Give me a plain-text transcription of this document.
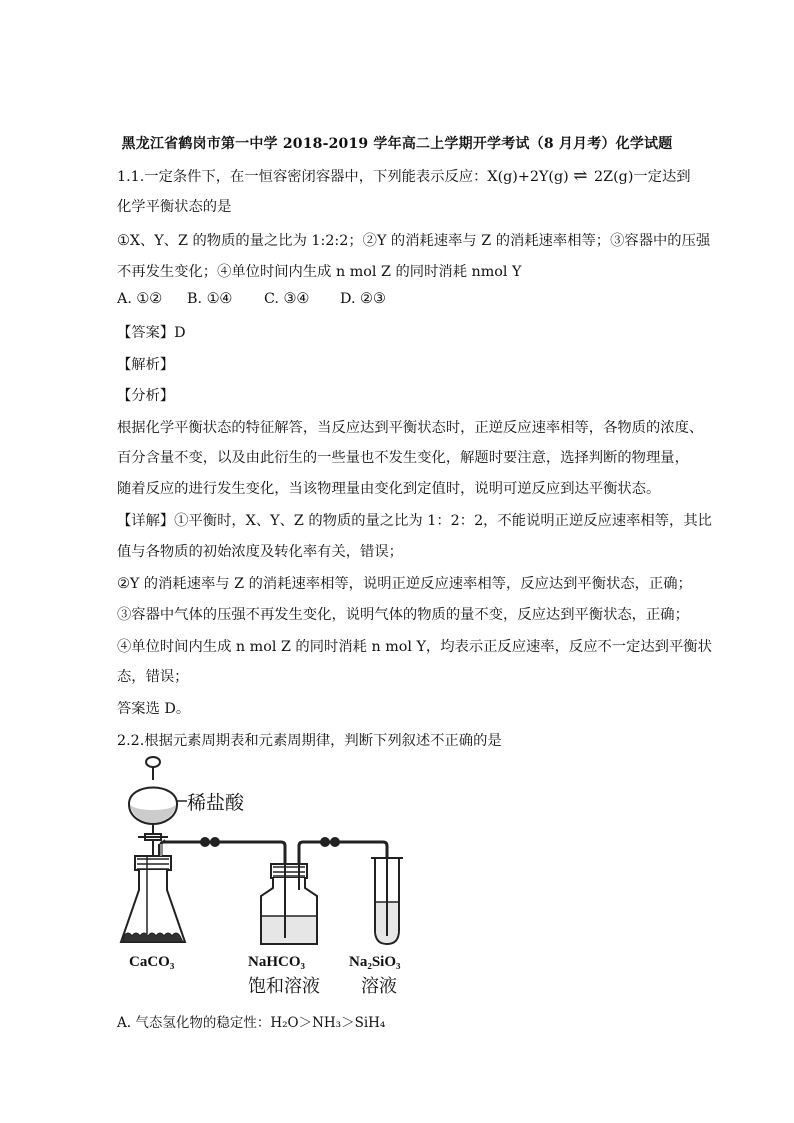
黑龙江省鹤岗市第一中学 2018-2019 学年高二上学期开学考试（8 月月考）化学试题
1.1.一定条件下，在一恒容密闭容器中，下列能表示反应：X(g)+2Y(g) ⇌ 2Z(g)一定达到
化学平衡状态的是
①X、Y、Z 的物质的量之比为 1:2:2；②Y 的消耗速率与 Z 的消耗速率相等；③容器中的压强
不再发生变化；④单位时间内生成 n mol Z 的同时消耗 nmol Y
A. ①② B. ①④ C. ③④ D. ②③
【答案】D
【解析】
【分析】
根据化学平衡状态的特征解答，当反应达到平衡状态时，正逆反应速率相等，各物质的浓度、
百分含量不变，以及由此衍生的一些量也不发生变化，解题时要注意，选择判断的物理量，
随着反应的进行发生变化，当该物理量由变化到定值时，说明可逆反应到达平衡状态。
【详解】①平衡时，X、Y、Z 的物质的量之比为 1：2：2，不能说明正逆反应速率相等，其比
值与各物质的初始浓度及转化率有关，错误；
②Y 的消耗速率与 Z 的消耗速率相等，说明正逆反应速率相等，反应达到平衡状态，正确；
③容器中气体的压强不再发生变化，说明气体的物质的量不变，反应达到平衡状态，正确；
④单位时间内生成 n mol Z 的同时消耗 n mol Y，均表示正反应速率，反应不一定达到平衡状
态，错误；
答案选 D。
2.2.根据元素周期表和元素周期律，判断下列叙述不正确的是
稀盐酸
CaCO₃	NaHCO₃
饱和溶液
Na₂SiO₃
溶液
A. 气态氢化物的稳定性：H₂O＞NH₃＞SiH₄
